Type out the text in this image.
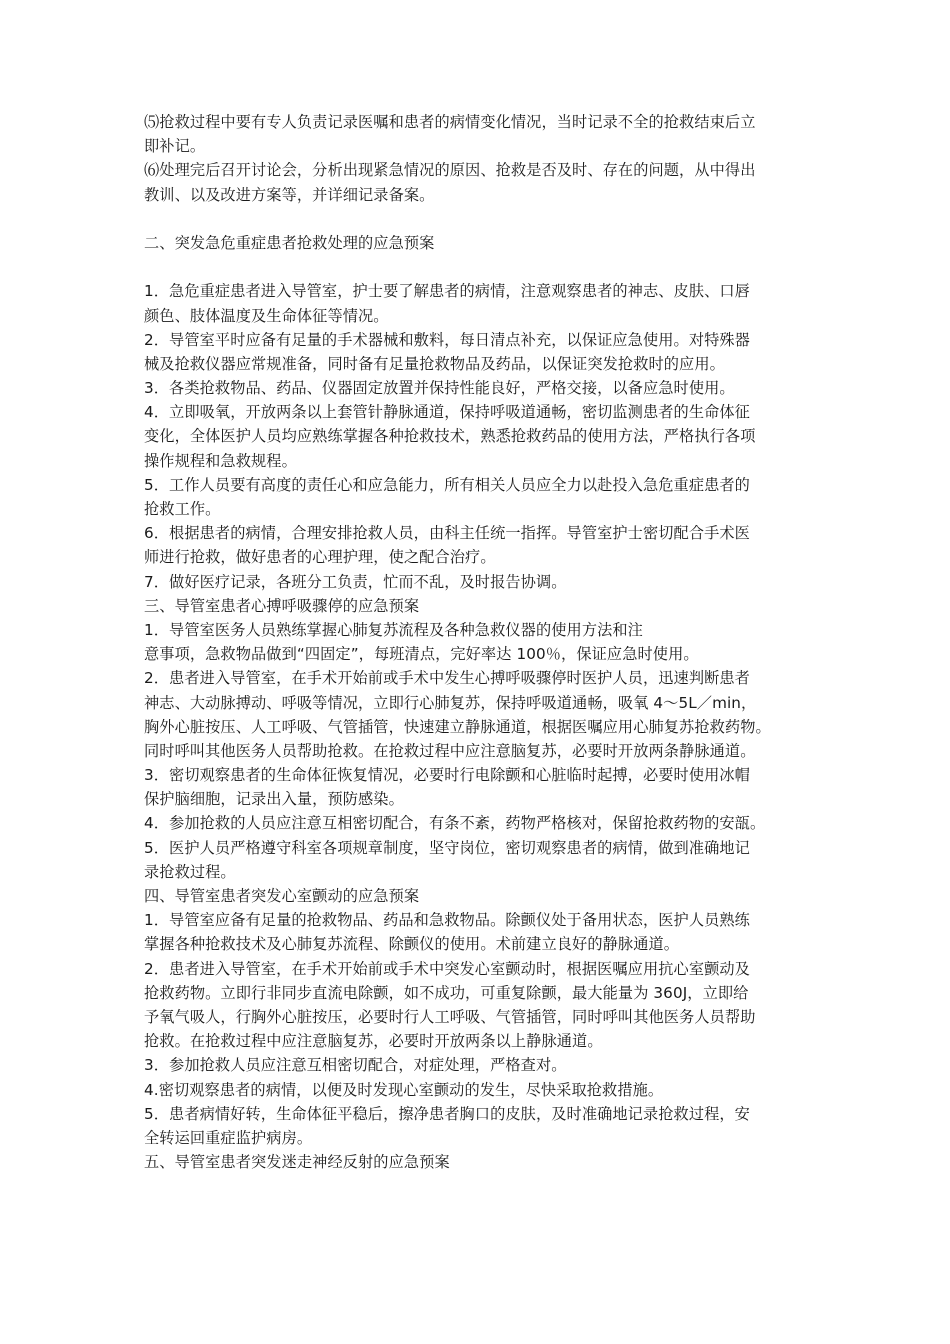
⑸抢救过程中要有专人负责记录医嘱和患者的病情变化情况，当时记录不全的抢救结束后立
即补记。
⑹处理完后召开讨论会，分析出现紧急情况的原因、抢救是否及时、存在的问题，从中得出
教训、以及改进方案等，并详细记录备案。
二、突发急危重症患者抢救处理的应急预案
1．急危重症患者进入导管室，护士要了解患者的病情，注意观察患者的神志、皮肤、口唇
颜色、肢体温度及生命体征等情况。
2．导管室平时应备有足量的手术器械和敷料，每日清点补充，以保证应急使用。对特殊器
械及抢救仪器应常规准备，同时备有足量抢救物品及药品，以保证突发抢救时的应用。
3．各类抢救物品、药品、仪器固定放置并保持性能良好，严格交接，以备应急时使用。
4．立即吸氧，开放两条以上套管针静脉通道，保持呼吸道通畅，密切监测患者的生命体征
变化，全体医护人员均应熟练掌握各种抢救技术，熟悉抢救药品的使用方法，严格执行各项
操作规程和急救规程。
5．工作人员要有高度的责任心和应急能力，所有相关人员应全力以赴投入急危重症患者的
抢救工作。
6．根据患者的病情，合理安排抢救人员，由科主任统一指挥。导管室护士密切配合手术医
师进行抢救，做好患者的心理护理，使之配合治疗。
7．做好医疗记录，各班分工负责，忙而不乱，及时报告协调。
三、导管室患者心搏呼吸骤停的应急预案
1．导管室医务人员熟练掌握心肺复苏流程及各种急救仪器的使用方法和注
意事项，急救物品做到“四固定”，每班清点，完好率达 100％，保证应急时使用。
2．患者进入导管室，在手术开始前或手术中发生心搏呼吸骤停时医护人员，迅速判断患者
神志、大动脉搏动、呼吸等情况，立即行心肺复苏，保持呼吸道通畅，吸氧 4～5L／min，
胸外心脏按压、人工呼吸、气管插管，快速建立静脉通道，根据医嘱应用心肺复苏抢救药物。
同时呼叫其他医务人员帮助抢救。在抢救过程中应注意脑复苏，必要时开放两条静脉通道。
3．密切观察患者的生命体征恢复情况，必要时行电除颤和心脏临时起搏，必要时使用冰帽
保护脑细胞，记录出入量，预防感染。
4．参加抢救的人员应注意互相密切配合，有条不紊，药物严格核对，保留抢救药物的安瓿。
5．医护人员严格遵守科室各项规章制度，坚守岗位，密切观察患者的病情，做到准确地记
录抢救过程。
四、导管室患者突发心室颤动的应急预案
1．导管室应备有足量的抢救物品、药品和急救物品。除颤仪处于备用状态，医护人员熟练
掌握各种抢救技术及心肺复苏流程、除颤仪的使用。术前建立良好的静脉通道。
2．患者进入导管室，在手术开始前或手术中突发心室颤动时，根据医嘱应用抗心室颤动及
抢救药物。立即行非同步直流电除颤，如不成功，可重复除颤，最大能量为 360J，立即给
予氧气吸人，行胸外心脏按压，必要时行人工呼吸、气管插管，同时呼叫其他医务人员帮助
抢救。在抢救过程中应注意脑复苏，必要时开放两条以上静脉通道。
3．参加抢救人员应注意互相密切配合，对症处理，严格查对。
4.密切观察患者的病情，以便及时发现心室颤动的发生，尽快采取抢救措施。
5．患者病情好转，生命体征平稳后，擦净患者胸口的皮肤，及时准确地记录抢救过程，安
全转运回重症监护病房。
五、导管室患者突发迷走神经反射的应急预案
